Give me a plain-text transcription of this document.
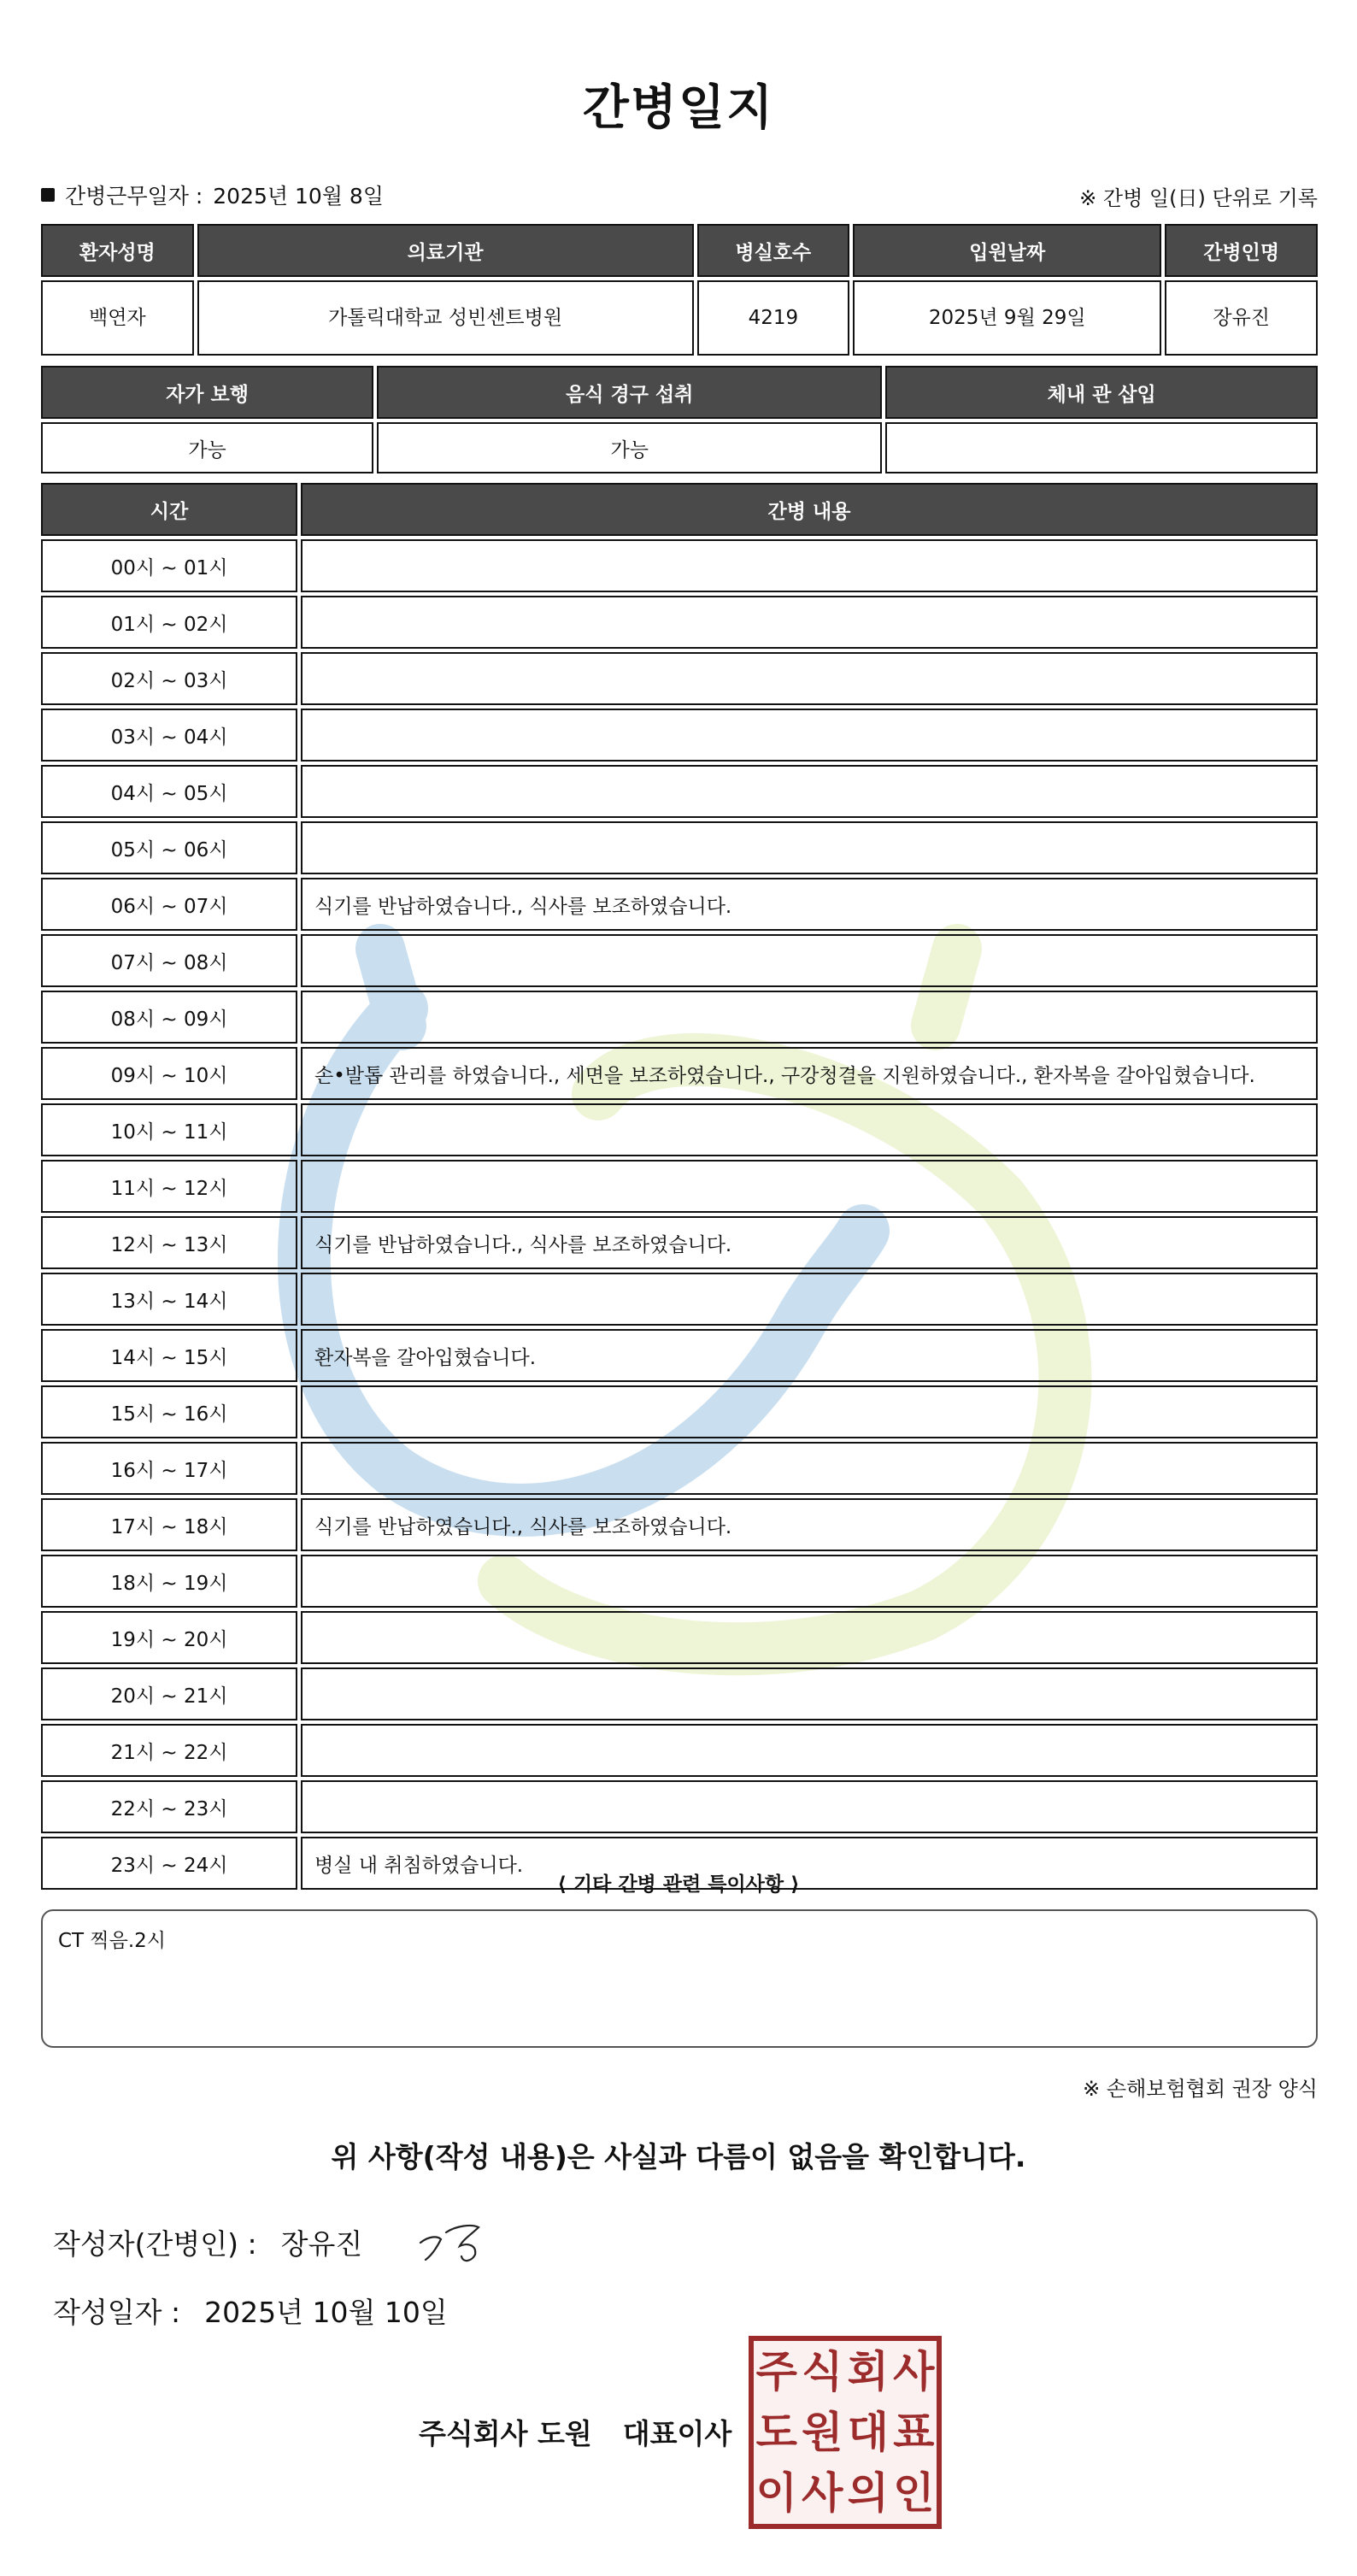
간병일지
간병근무일자 : 2025년 10월 8일	※ 간병 일(日) 단위로 기록
환자성명	의료기관	병실호수	입원날짜	간병인명
백연자	가톨릭대학교 성빈센트병원	4219	2025년 9월 29일	장유진
자가 보행	음식 경구 섭취	체내 관 삽입
가능	가능	
시간	간병 내용
00시 ~ 01시	
01시 ~ 02시	
02시 ~ 03시	
03시 ~ 04시	
04시 ~ 05시	
05시 ~ 06시	
06시 ~ 07시	식기를 반납하였습니다., 식사를 보조하였습니다.
07시 ~ 08시	
08시 ~ 09시	
09시 ~ 10시	손•발톱 관리를 하였습니다., 세면을 보조하였습니다., 구강청결을 지원하였습니다., 환자복을 갈아입혔습니다.
10시 ~ 11시	
11시 ~ 12시	
12시 ~ 13시	식기를 반납하였습니다., 식사를 보조하였습니다.
13시 ~ 14시	
14시 ~ 15시	환자복을 갈아입혔습니다.
15시 ~ 16시	
16시 ~ 17시	
17시 ~ 18시	식기를 반납하였습니다., 식사를 보조하였습니다.
18시 ~ 19시	
19시 ~ 20시	
20시 ~ 21시	
21시 ~ 22시	
22시 ~ 23시	
23시 ~ 24시	병실 내 취침하였습니다.
⟨ 기타 간병 관련 특이사항 ⟩
CT 찍음.2시
※ 손해보험협회 권장 양식
위 사항(작성 내용)은 사실과 다름이 없음을 확인합니다.
작성자(간병인) : 장유진
작성일자 : 2025년 10월 10일
주식회사 도원 대표이사
주 식 회 사
도 원 대 표
이 사 의 인
